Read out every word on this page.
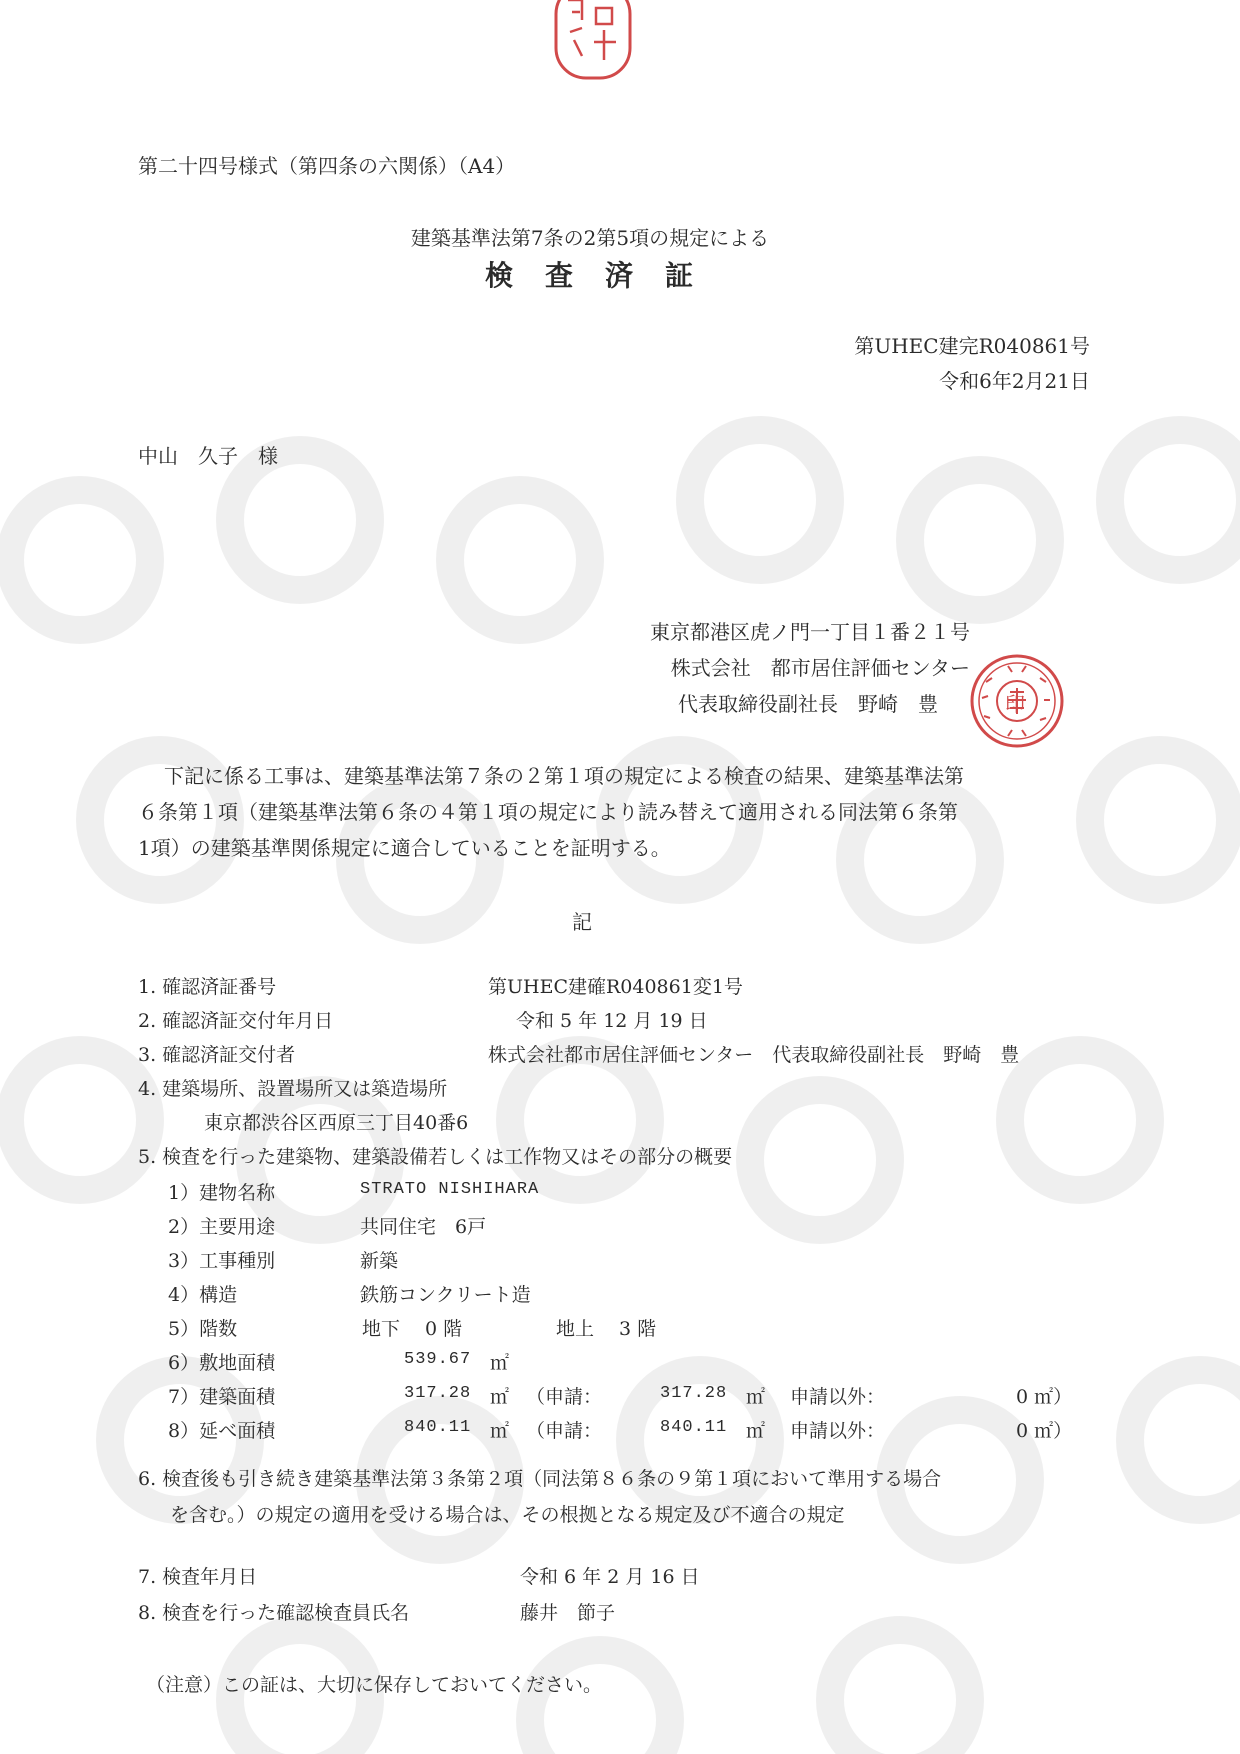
第二十四号様式（第四条の六関係）（A4）
建築基準法第7条の2第5項の規定による
検　査　済　証
第UHEC建完R040861号
令和6年2月21日
中山　久子　様
東京都港区虎ノ門一丁目１番２１号
株式会社　都市居住評価センター
代表取締役副社長　野崎　豊	印
下記に係る工事は、建築基準法第７条の２第１項の規定による検査の結果、建築基準法第
６条第１項（建築基準法第６条の４第１項の規定により読み替えて適用される同法第６条第
1項）の建築基準関係規定に適合していることを証明する。
記
1. 確認済証番号	第UHEC建確R040861変1号
2. 確認済証交付年月日	令和 5 年 12 月 19 日
3. 確認済証交付者	株式会社都市居住評価センター　代表取締役副社長　野崎　豊
4. 建築場所、設置場所又は築造場所
東京都渋谷区西原三丁目40番6
5. 検査を行った建築物、建築設備若しくは工作物又はその部分の概要
1）建物名称	STRATO NISHIHARA
2）主要用途	共同住宅　6戸
3）工事種別	新築
4）構造	鉄筋コンクリート造
5）階数	地下　 0 階	地上　 3 階
6）敷地面積	539.67 ㎡
7）建築面積	317.28 ㎡ （申請：	317.28 ㎡ 申請以外：	0 ㎡）
8）延べ面積	840.11 ㎡ （申請：	840.11 ㎡ 申請以外：	0 ㎡）
6. 検査後も引き続き建築基準法第３条第２項（同法第８６条の９第１項において準用する場合
を含む。）の規定の適用を受ける場合は、その根拠となる規定及び不適合の規定
7. 検査年月日	令和 6 年 2 月 16 日
8. 検査を行った確認検査員氏名	藤井　節子
（注意）この証は、大切に保存しておいてください。
